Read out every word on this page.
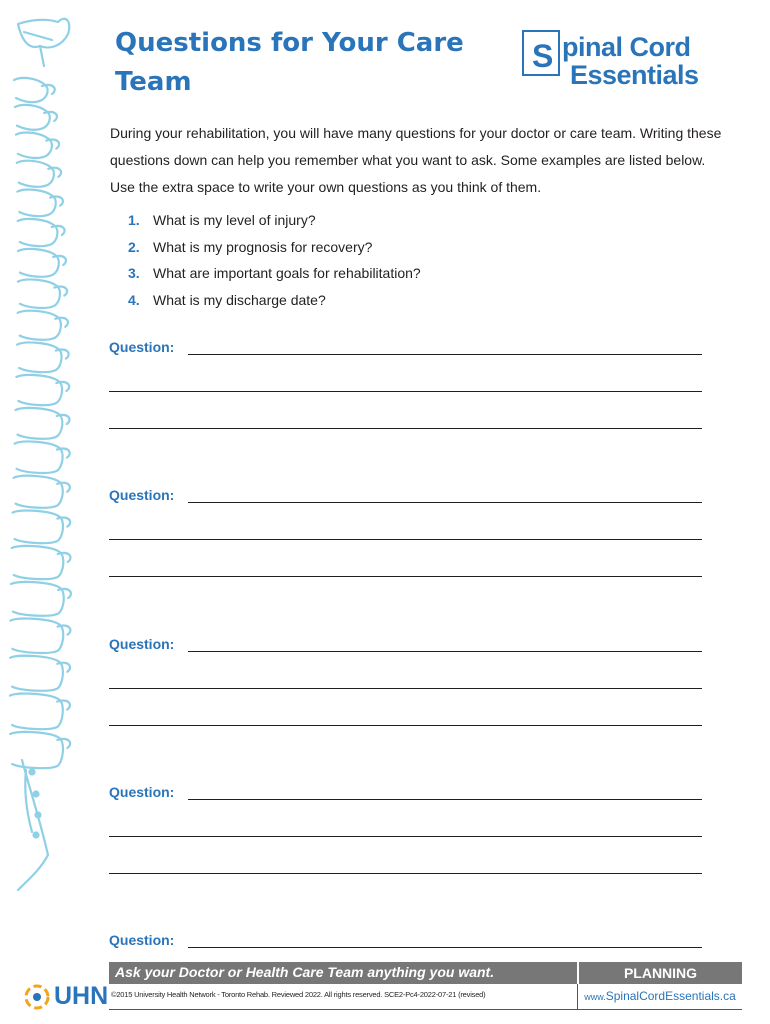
Questions for Your Care Team
S pinal Cord
Essentials

During your rehabilitation, you will have many questions for your doctor or care team. Writing these questions down can help you remember what you want to ask. Some examples are listed below. Use the extra space to write your own questions as you think of them.

1. What is my level of injury?
2. What is my prognosis for recovery?
3. What are important goals for rehabilitation?
4. What is my discharge date?
Question:
Question:
Question:
Question:
Question:
UHN
Ask your Doctor or Health Care Team anything you want.	PLANNING
©2015 University Health Network - Toronto Rehab. Reviewed 2022. All rights reserved. SCE2-Pc4-2022-07-21 (revised)	www.SpinalCordEssentials.ca
